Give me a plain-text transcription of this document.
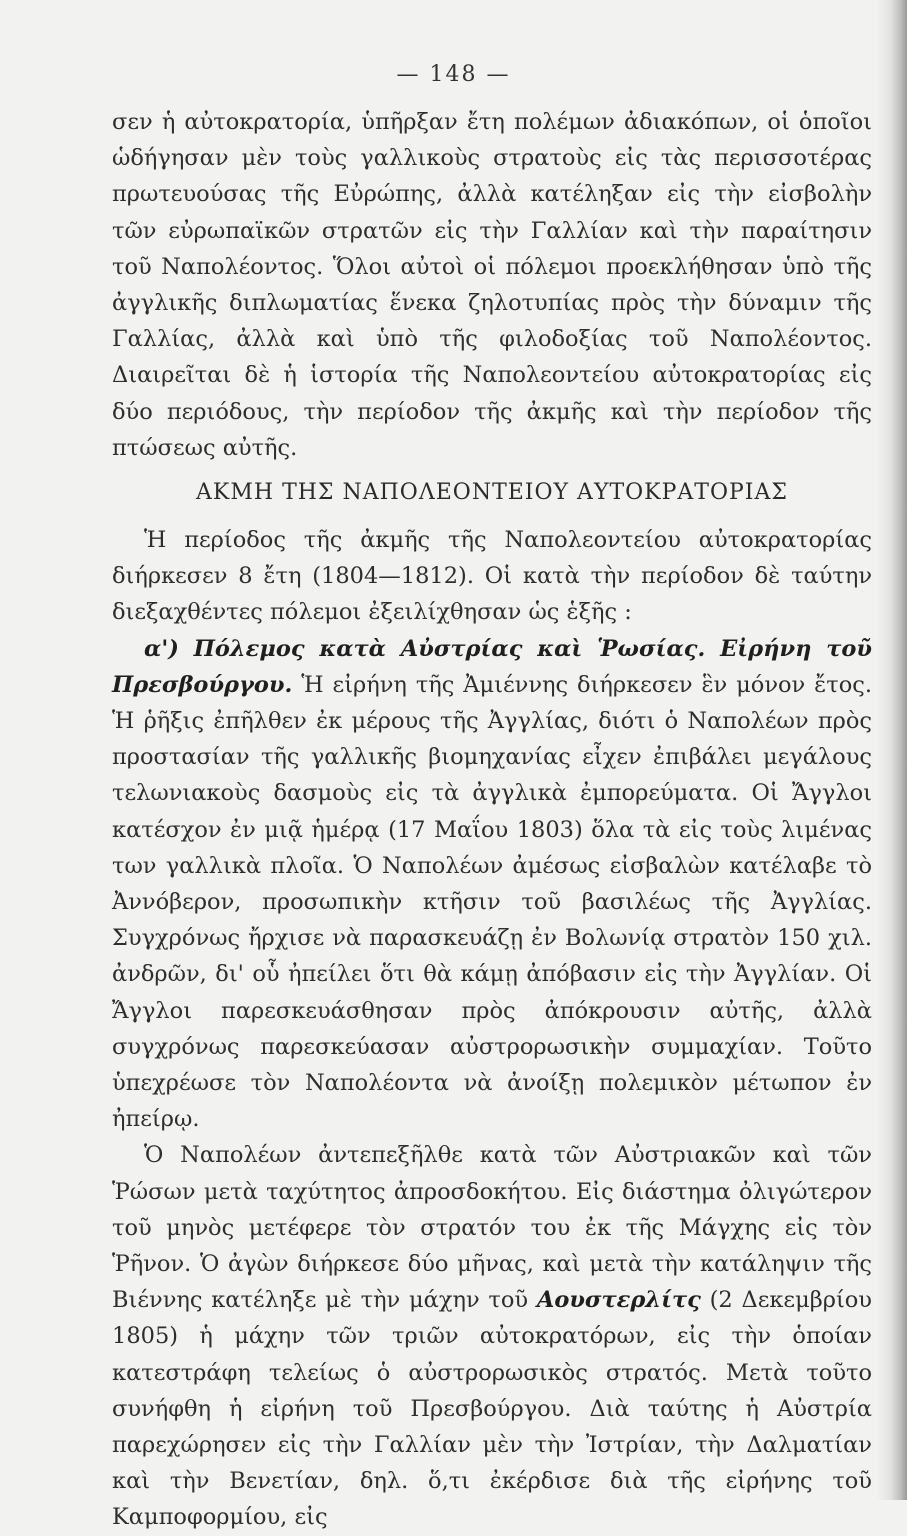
— 148 —

σεν ἡ αὐτοκρατορία, ὑπῆρξαν ἔτη πολέμων ἀδιακόπων, οἱ ὁποῖοι ὡδήγησαν μὲν τοὺς γαλλικοὺς στρατοὺς εἰς τὰς περισσοτέρας πρωτευούσας τῆς Εὐρώπης, ἀλλὰ κατέληξαν εἰς τὴν εἰσβολὴν τῶν εὐρωπαϊκῶν στρατῶν εἰς τὴν Γαλλίαν καὶ τὴν παραίτησιν τοῦ Ναπολέοντος. Ὅλοι αὐτοὶ οἱ πόλεμοι προεκλήθησαν ὑπὸ τῆς ἀγγλικῆς διπλωματίας ἕνεκα ζηλοτυπίας πρὸς τὴν δύναμιν τῆς Γαλλίας, ἀλλὰ καὶ ὑπὸ τῆς φιλοδοξίας τοῦ Ναπολέοντος. Διαιρεῖται δὲ ἡ ἱστορία τῆς Ναπολεοντείου αὐτοκρατορίας εἰς δύο περιόδους, τὴν περίοδον τῆς ἀκμῆς καὶ τὴν περίοδον τῆς πτώσεως αὐτῆς.

ΑΚΜΗ ΤΗΣ ΝΑΠΟΛΕΟΝΤΕΙΟΥ ΑΥΤΟΚΡΑΤΟΡΙΑΣ

Ἡ περίοδος τῆς ἀκμῆς τῆς Ναπολεοντείου αὐτοκρατορίας διήρκεσεν 8 ἔτη (1804—1812). Οἱ κατὰ τὴν περίοδον δὲ ταύτην διεξαχθέντες πόλεμοι ἐξειλίχθησαν ὡς ἑξῆς :

α') Πόλεμος κατὰ Αὐστρίας καὶ Ῥωσίας. Εἰρήνη τοῦ Πρεσβούργου. Ἡ εἰρήνη τῆς Ἀμιέννης διήρκεσεν ἓν μόνον ἔτος. Ἡ ῥῆξις ἐπῆλθεν ἐκ μέρους τῆς Ἀγγλίας, διότι ὁ Ναπολέων πρὸς προστασίαν τῆς γαλλικῆς βιομηχανίας εἶχεν ἐπιβάλει μεγάλους τελωνιακοὺς δασμοὺς εἰς τὰ ἀγγλικὰ ἐμπορεύματα. Οἱ Ἄγγλοι κατέσχον ἐν μιᾷ ἡμέρᾳ (17 Μαΐου 1803) ὅλα τὰ εἰς τοὺς λιμένας των γαλλικὰ πλοῖα. Ὁ Ναπολέων ἀμέσως εἰσβαλὼν κατέλαβε τὸ Ἀννόβερον, προσωπικὴν κτῆσιν τοῦ βασιλέως τῆς Ἀγγλίας. Συγχρόνως ἤρχισε νὰ παρασκευάζῃ ἐν Βολωνίᾳ στρατὸν 150 χιλ. ἀνδρῶν, δι' οὗ ἠπείλει ὅτι θὰ κάμῃ ἀπόβασιν εἰς τὴν Ἀγγλίαν. Οἱ Ἄγγλοι παρεσκευάσθησαν πρὸς ἀπόκρουσιν αὐτῆς, ἀλλὰ συγχρόνως παρεσκεύασαν αὐστρορωσικὴν συμμαχίαν. Τοῦτο ὑπεχρέωσε τὸν Ναπολέοντα νὰ ἀνοίξῃ πολεμικὸν μέτωπον ἐν ἠπείρῳ.

Ὁ Ναπολέων ἀντεπεξῆλθε κατὰ τῶν Αὐστριακῶν καὶ τῶν Ῥώσων μετὰ ταχύτητος ἀπροσδοκήτου. Εἰς διάστημα ὀλιγώτερον τοῦ μηνὸς μετέφερε τὸν στρατόν του ἐκ τῆς Μάγχης εἰς τὸν Ῥῆνον. Ὁ ἀγὼν διήρκεσε δύο μῆνας, καὶ μετὰ τὴν κατάληψιν τῆς Βιέννης κατέληξε μὲ τὴν μάχην τοῦ Αουστερλίτς (2 Δεκεμβρίου 1805) ἡ μάχην τῶν τριῶν αὐτοκρατόρων, εἰς τὴν ὁποίαν κατεστράφη τελείως ὁ αὐστρορωσικὸς στρατός. Μετὰ τοῦτο συνήφθη ἡ εἰρήνη τοῦ Πρεσβούργου. Διὰ ταύτης ἡ Αὐστρία παρεχώρησεν εἰς τὴν Γαλλίαν μὲν τὴν Ἰστρίαν, τὴν Δαλματίαν καὶ τὴν Βενετίαν, δηλ. ὅ,τι ἐκέρδισε διὰ τῆς εἰρήνης τοῦ Καμποφορμίου, εἰς
